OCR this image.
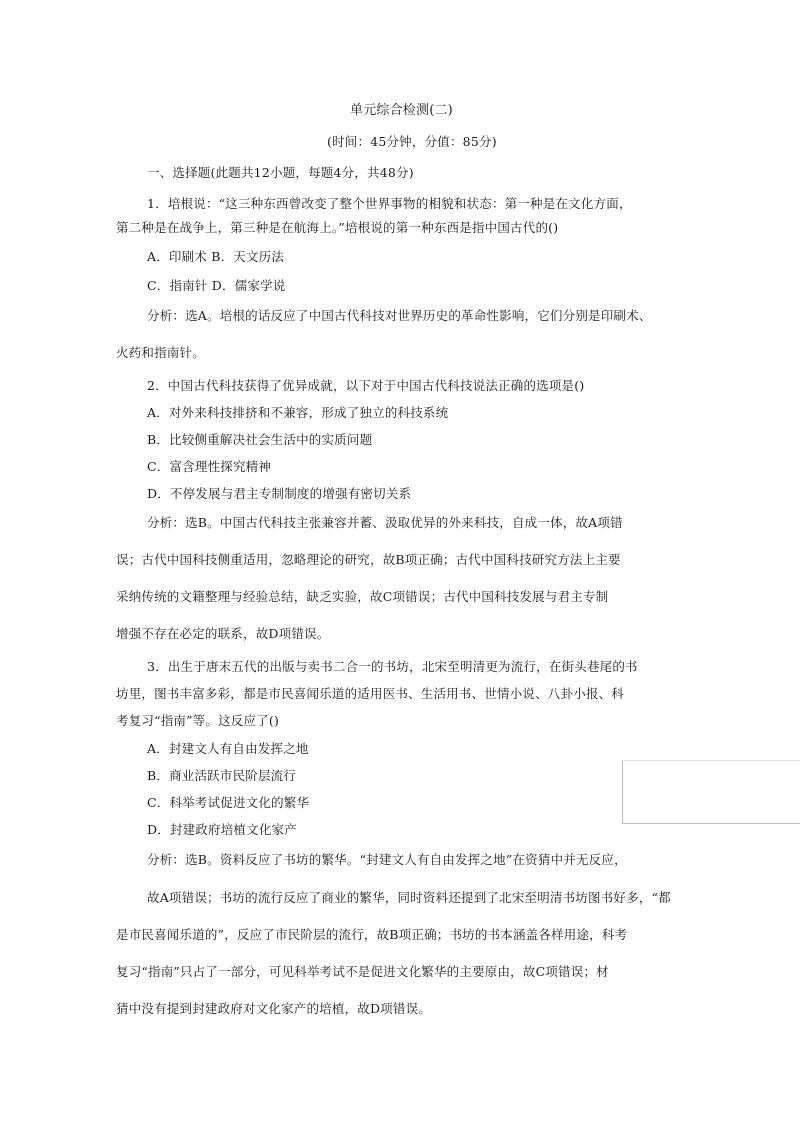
单元综合检测(二)
(时间：45分钟，分值：85分)
一、选择题(此题共12小题，每题4分，共48分)
1．培根说：“这三种东西曾改变了整个世界事物的相貌和状态：第一种是在文化方面，
第二种是在战争上，第三种是在航海上。”培根说的第一种东西是指中国古代的()
A．印刷术 B．天文历法
C．指南针 D．儒家学说
分析：选A。培根的话反应了中国古代科技对世界历史的革命性影响，它们分别是印刷术、
火药和指南针。
2．中国古代科技获得了优异成就，以下对于中国古代科技说法正确的选项是()
A．对外来科技排挤和不兼容，形成了独立的科技系统
B．比较侧重解决社会生活中的实质问题
C．富含理性探究精神
D．不停发展与君主专制制度的增强有密切关系
分析：选B。中国古代科技主张兼容并蓄、汲取优异的外来科技，自成一体，故A项错
误；古代中国科技侧重适用，忽略理论的研究，故B项正确；古代中国科技研究方法上主要
采纳传统的文籍整理与经验总结，缺乏实验，故C项错误；古代中国科技发展与君主专制
增强不存在必定的联系，故D项错误。
3．出生于唐末五代的出版与卖书二合一的书坊，北宋至明清更为流行，在街头巷尾的书
坊里，图书丰富多彩，都是市民喜闻乐道的适用医书、生活用书、世情小说、八卦小报、科
考复习“指南”等。这反应了()
A．封建文人有自由发挥之地
B．商业活跃市民阶层流行
C．科举考试促进文化的繁华
D．封建政府培植文化家产
分析：选B。资料反应了书坊的繁华。“封建文人有自由发挥之地”在资猜中并无反应，
故A项错误；书坊的流行反应了商业的繁华，同时资料还提到了北宋至明清书坊图书好多，“都
是市民喜闻乐道的”，反应了市民阶层的流行，故B项正确；书坊的书本涵盖各样用途，科考
复习“指南”只占了一部分，可见科举考试不是促进文化繁华的主要原由，故C项错误；材
猜中没有提到封建政府对文化家产的培植，故D项错误。
